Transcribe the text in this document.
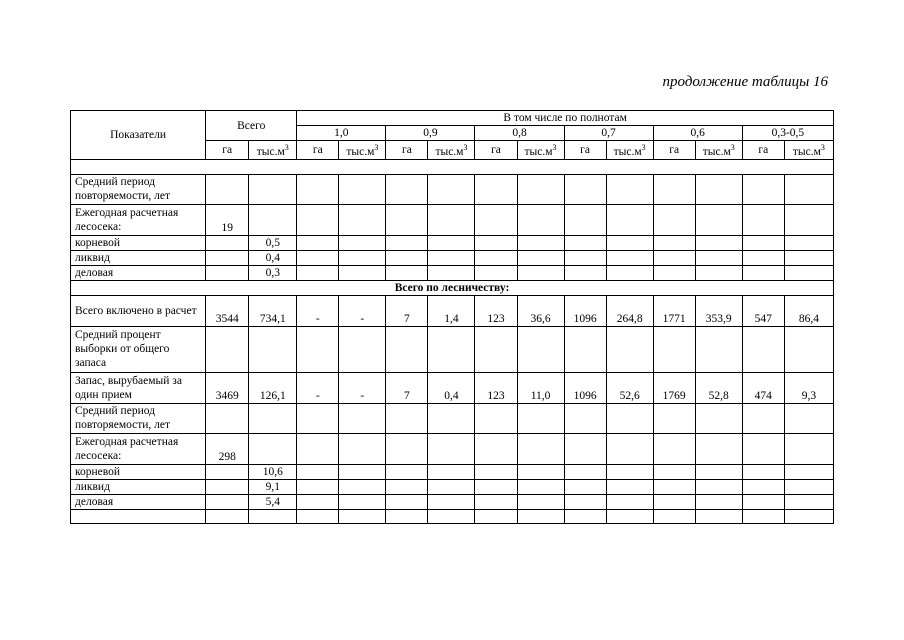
продолжение таблицы 16
Показатели	Всего		В том числе по полнотам											
			1,0		0,9		0,8		0,7		0,6		0,3-0,5	
	га	$тыс.м^3$	га	$тыс.м^3$	га	$тыс.м^3$	га	$тыс.м^3$	га	$тыс.м^3$	га	$тыс.м^3$	га	$тыс.м^3$

Средний период повторяемости, лет														
Ежегодная расчетная лесосека:	19													
корневой		0,5												
ликвид		0,4												
деловая		0,3												
Всего по лесничеству:														
Всего включено в расчет	3544	734,1	-	-	7	1,4	123	36,6	1096	264,8	1771	353,9	547	86,4
Средний процент выборки от общего запаса														
Запас, вырубаемый за один прием	3469	126,1	-	-	7	0,4	123	11,0	1096	52,6	1769	52,8	474	9,3
Средний период повторяемости, лет														
Ежегодная расчетная лесосека:	298													
корневой		10,6												
ликвид		9,1												
деловая		5,4												
